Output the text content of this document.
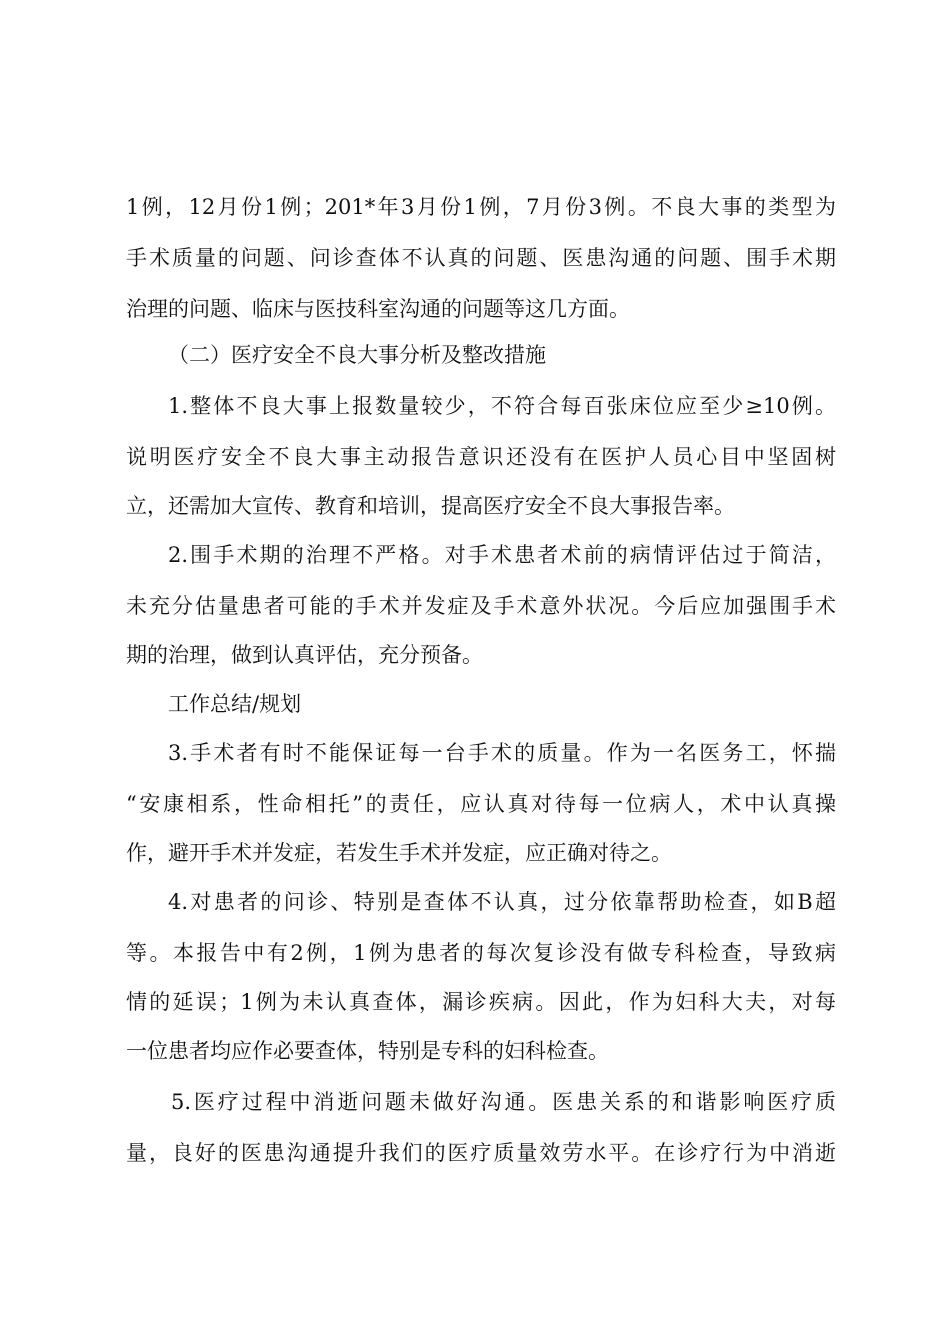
1例，12月份1例；201*年3月份1例，7月份3例。不良大事的类型为
手术质量的问题、问诊查体不认真的问题、医患沟通的问题、围手术期
治理的问题、临床与医技科室沟通的问题等这几方面。
（二）医疗安全不良大事分析及整改措施
1.整体不良大事上报数量较少，不符合每百张床位应至少≥10例。
说明医疗安全不良大事主动报告意识还没有在医护人员心目中坚固树
立，还需加大宣传、教育和培训，提高医疗安全不良大事报告率。
2.围手术期的治理不严格。对手术患者术前的病情评估过于简洁，
未充分估量患者可能的手术并发症及手术意外状况。今后应加强围手术
期的治理，做到认真评估，充分预备。
工作总结/规划
3.手术者有时不能保证每一台手术的质量。作为一名医务工，怀揣
“安康相系，性命相托”的责任，应认真对待每一位病人，术中认真操
作，避开手术并发症，若发生手术并发症，应正确对待之。
4.对患者的问诊、特别是查体不认真，过分依靠帮助检查，如B超
等。本报告中有2例，1例为患者的每次复诊没有做专科检查，导致病
情的延误；1例为未认真查体，漏诊疾病。因此，作为妇科大夫，对每
一位患者均应作必要查体，特别是专科的妇科检查。
5.医疗过程中消逝问题未做好沟通。医患关系的和谐影响医疗质
量，良好的医患沟通提升我们的医疗质量效劳水平。在诊疗行为中消逝
